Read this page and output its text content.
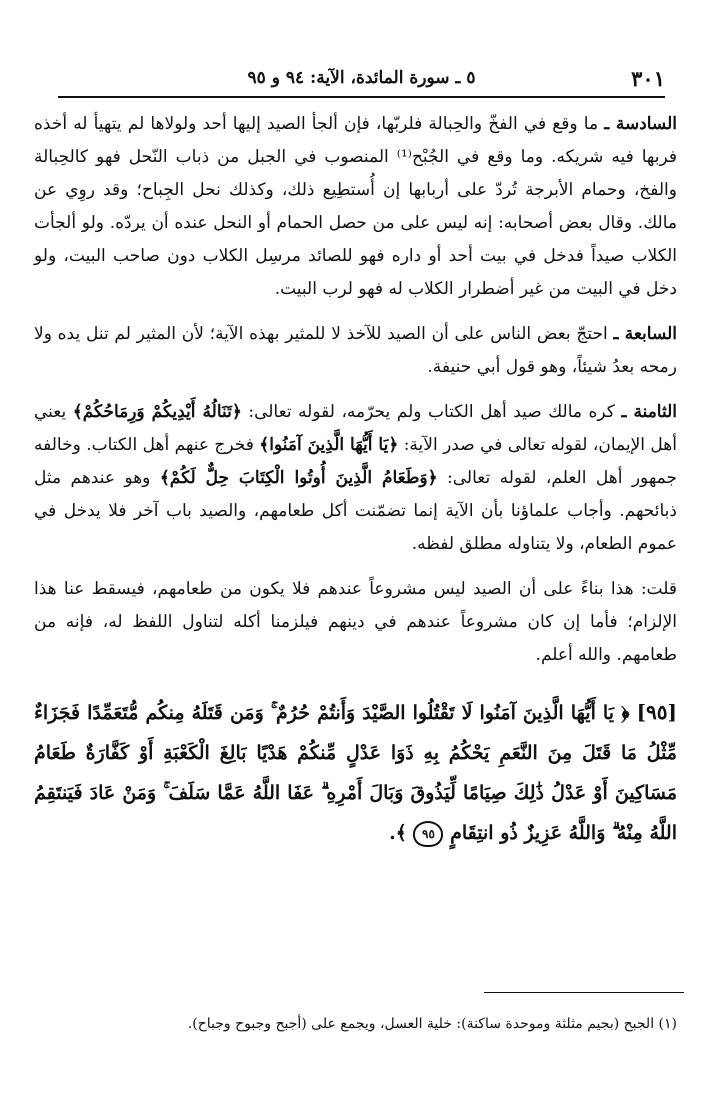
٣٠١
٥ ـ سورة المائدة، الآية: ٩٤ و ٩٥

السادسة ـ ما وقع في الفخّ والحِبالة فلربّها، فإن ألجأ الصيد إليها أحد ولولاها لم يتهيأ له أخذه فربها فيه شريكه. وما وقع في الجُبْح⁽¹⁾ المنصوب في الجبل من ذباب النّحل فهو كالحِبالة والفخ، وحمام الأبرجة تُردّ على أربابها إن أُستطِيع ذلك، وكذلك نحل الجِباح؛ وقد روِي عن مالك. وقال بعض أصحابه: إنه ليس على من حصل الحمام أو النحل عنده أن يردّه. ولو ألجأت الكلاب صيداً فدخل في بيت أحد أو داره فهو للصائد مرسِل الكلاب دون صاحب البيت، ولو دخل في البيت من غير أضطرار الكلاب له فهو لرب البيت.

السابعة ـ احتجّ بعض الناس على أن الصيد للآخذ لا للمثير بهذه الآية؛ لأن المثير لم تنل يده ولا رمحه بعدُ شيئاً، وهو قول أبي حنيفة.

الثامنة ـ كره مالك صيد أهل الكتاب ولم يحرّمه، لقوله تعالى: ﴿تَنَالُهُ أَيْدِيكُمْ وَرِمَاحُكُمْ﴾ يعني أهل الإيمان، لقوله تعالى في صدر الآية: ﴿يَا أَيُّهَا الَّذِينَ آمَنُوا﴾ فخرج عنهم أهل الكتاب. وخالفه جمهور أهل العلم، لقوله تعالى: ﴿وَطَعَامُ الَّذِينَ أُوتُوا الْكِتَابَ حِلٌّ لَكُمْ﴾ وهو عندهم مثل ذبائحهم. وأجاب علماؤنا بأن الآية إنما تضمّنت أكل طعامهم، والصيد باب آخر فلا يدخل في عموم الطعام، ولا يتناوله مطلق لفظه.

قلت: هذا بناءً على أن الصيد ليس مشروعاً عندهم فلا يكون من طعامهم، فيسقط عنا هذا الإلزام؛ فأما إن كان مشروعاً عندهم في دينهم فيلزمنا أكله لتناول اللفظ له، فإنه من طعامهم. والله أعلم.

[٩٥] ﴿ يَا أَيُّهَا الَّذِينَ آمَنُوا لَا تَقْتُلُوا الصَّيْدَ وَأَنتُمْ حُرُمٌ ۚ وَمَن قَتَلَهُ مِنكُم مُّتَعَمِّدًا فَجَزَاءٌ مِّثْلُ مَا قَتَلَ مِنَ النَّعَمِ يَحْكُمُ بِهِ ذَوَا عَدْلٍ مِّنكُمْ هَدْيًا بَالِغَ الْكَعْبَةِ أَوْ كَفَّارَةٌ طَعَامُ مَسَاكِينَ أَوْ عَدْلُ ذَٰلِكَ صِيَامًا لِّيَذُوقَ وَبَالَ أَمْرِهِ ۗ عَفَا اللَّهُ عَمَّا سَلَفَ ۚ وَمَنْ عَادَ فَيَنتَقِمُ اللَّهُ مِنْهُ ۗ وَاللَّهُ عَزِيزٌ ذُو انتِقَامٍ ٩٥ ﴾.

(١) الجبح (بجيم مثلثة وموحدة ساكنة): خلية العسل، ويجمع على (أجبح وجبوح وجباح).
